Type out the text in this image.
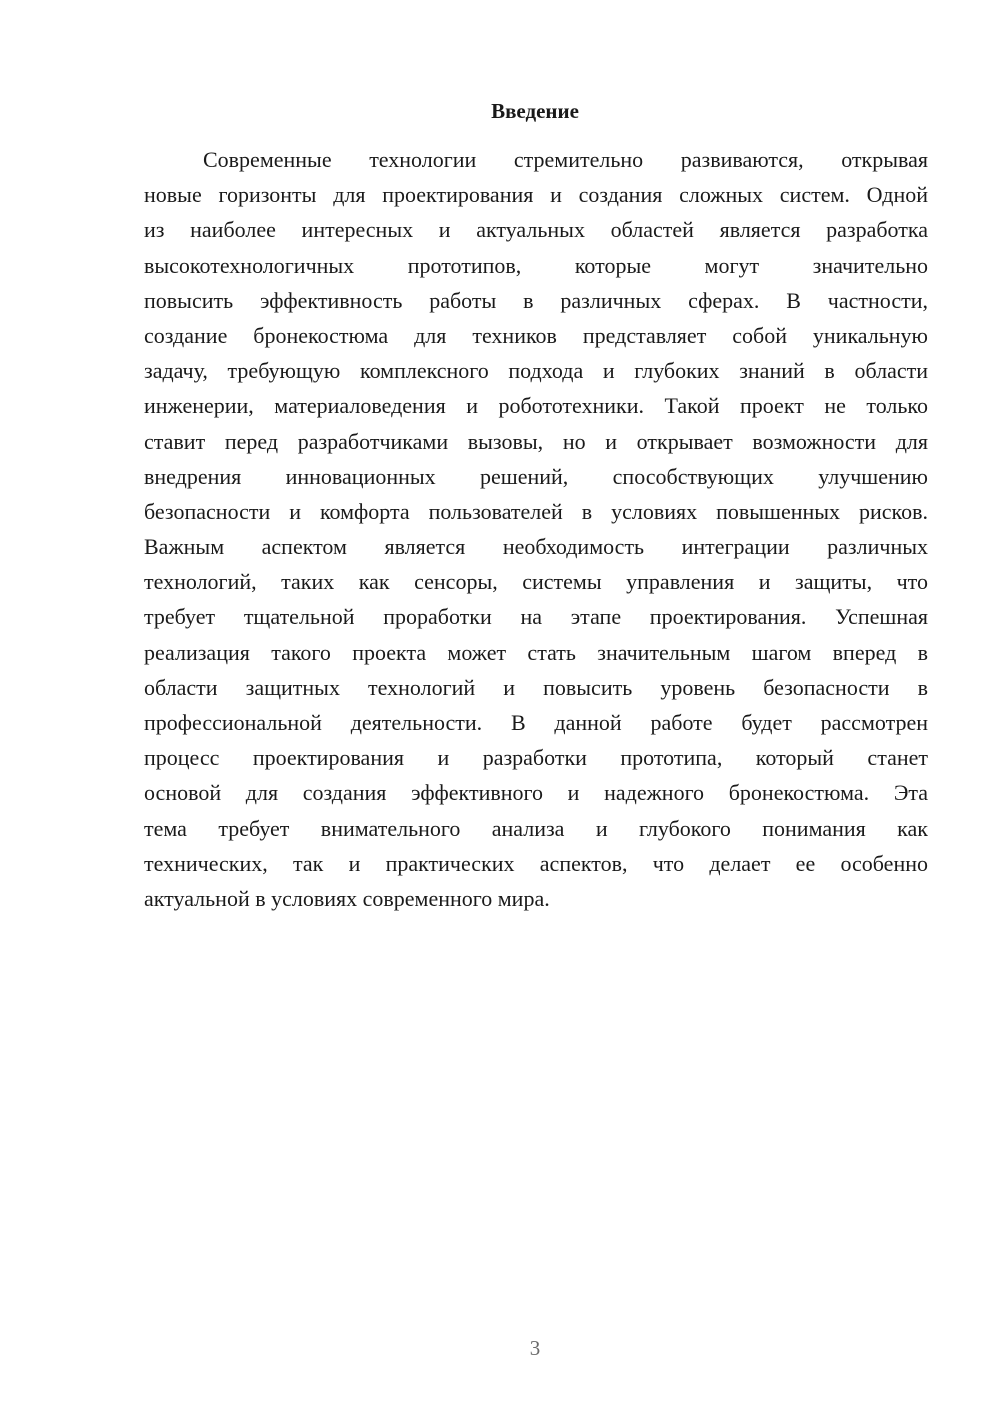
Введение
Современные технологии стремительно развиваются, открывая
новые горизонты для проектирования и создания сложных систем. Одной
из наиболее интересных и актуальных областей является разработка
высокотехнологичных прототипов, которые могут значительно
повысить эффективность работы в различных сферах. В частности,
создание бронекостюма для техников представляет собой уникальную
задачу, требующую комплексного подхода и глубоких знаний в области
инженерии, материаловедения и робототехники. Такой проект не только
ставит перед разработчиками вызовы, но и открывает возможности для
внедрения инновационных решений, способствующих улучшению
безопасности и комфорта пользователей в условиях повышенных рисков.
Важным аспектом является необходимость интеграции различных
технологий, таких как сенсоры, системы управления и защиты, что
требует тщательной проработки на этапе проектирования. Успешная
реализация такого проекта может стать значительным шагом вперед в
области защитных технологий и повысить уровень безопасности в
профессиональной деятельности. В данной работе будет рассмотрен
процесс проектирования и разработки прототипа, который станет
основой для создания эффективного и надежного бронекостюма. Эта
тема требует внимательного анализа и глубокого понимания как
технических, так и практических аспектов, что делает ее особенно
актуальной в условиях современного мира.
3
